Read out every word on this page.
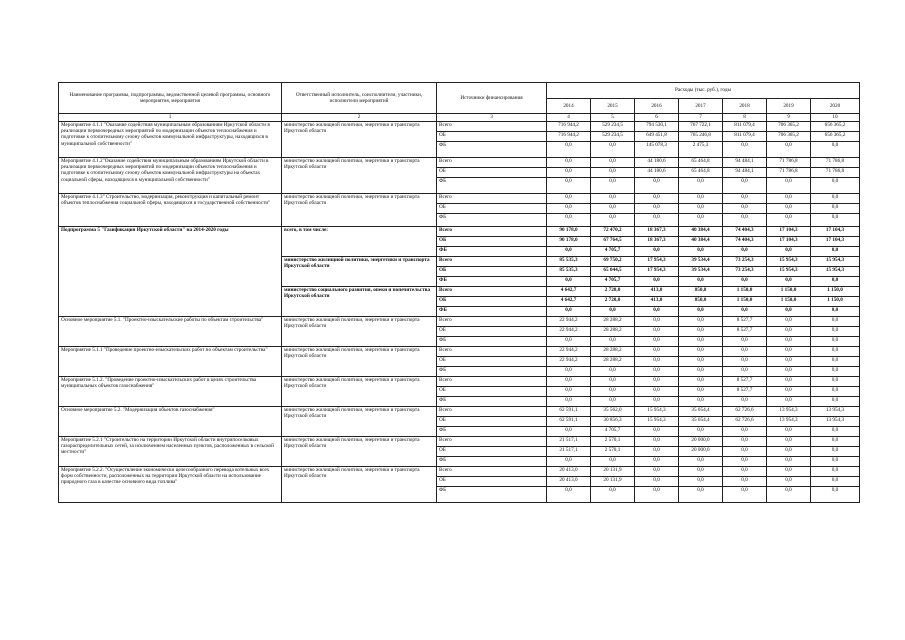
Наименование программы, подпрограммы, ведомственной целевой программы, основного мероприятия, мероприятия	Ответственный исполнитель, соисполнители, участники, исполнители мероприятий	Источники финансирования	Расходы (тыс. руб.), годы						
			2014	2015	2016	2017	2018	2019	2020
1	2	3	4	5	6	7	8	9	10
Мероприятие 4.1.1 "Оказание содействия муниципальным образованиям Иркутской области в реализации первоочередных мероприятий по модернизации объектов теплоснабжения и подготовке к отопительному сезону объектов коммунальной инфраструктуры, находящихся в муниципальной собственности"	министерство жилищной политики, энергетики и транспорта Иркутской области	Всего	716 944,2	529 234,5	794 530,1	767 722,1	811 079,4	706 365,2	656 365,2
		ОБ	716 944,2	529 234,5	649 451,8	765 246,8	811 079,4	706 365,2	656 365,2
		ФБ	0,0	0,0	145 078,3	2 475,3	0,0	0,0	0,0
Мероприятие 4.1.2"Оказание содействия муниципальным образованиям Иркутской области в реализации первоочередных мероприятий по модернизации объектов теплоснабжения и подготовке к отопительному сезону объектов коммунальной инфраструктуры на объектах социальной сферы, находящихся в муниципальной собственности"	министерство жилищной политики, энергетики и транспорта Иркутской области	Всего	0,0	0,0	44 180,6	65 464,8	94 484,1	71 786,8	71 786,8
		ОБ	0,0	0,0	44 180,6	65 464,8	94 484,1	71 786,8	71 786,8
		ФБ	0,0	0,0	0,0	0,0	0,0	0,0	0,0
Мероприятие 4.1.3" Строительство, модернизация, реконструкция и капитальный ремонт объектов теплоснабжения социальной сферы, находящихся в государственной собственности"	министерство жилищной политики, энергетики и транспорта Иркутской области	Всего	0,0	0,0	0,0	0,0	0,0	0,0	0,0
		ОБ	0,0	0,0	0,0	0,0	0,0	0,0	0,0
		ФБ	0,0	0,0	0,0	0,0	0,0	0,0	0,0
Подпрограмма 5 "Газификация Иркутской области" на 2014-2020 годы	всего, в том числе:	Всего	90 178,0	72 470,2	18 367,3	40 384,4	74 404,3	17 104,3	17 104,3
		ОБ	90 178,0	67 764,5	18 367,3	40 384,4	74 404,3	17 104,3	17 104,3
		ФБ	0,0	4 705,7	0,0	0,0	0,0	0,0	0,0
	министерство жилищной политики, энергетики и транспорта Иркутской области	Всего	85 535,3	69 750,2	17 954,3	39 534,4	73 254,3	15 954,3	15 954,3
		ОБ	85 535,3	65 044,5	17 954,3	39 534,4	73 254,3	15 954,3	15 954,3
		ФБ	0,0	4 705,7	0,0	0,0	0,0	0,0	0,0
	министерство социального развития, опеки и попечительства Иркутской области	Всего	4 642,7	2 720,0	413,0	850,0	1 150,0	1 150,0	1 150,0
		ОБ	4 642,7	2 720,0	413,0	850,0	1 150,0	1 150,0	1 150,0
		ФБ	0,0	0,0	0,0	0,0	0,0	0,0	0,0
Основное мероприятие 5.1. "Проектно-изыскательские работы по объектам строительства"	министерство жилищной политики, энергетики и транспорта Иркутской области	Всего	22 944,2	28 288,2	0,0	0,0	8 527,7	0,0	0,0
		ОБ	22 944,2	28 288,2	0,0	0,0	8 527,7	0,0	0,0
		ФБ	0,0	0,0	0,0	0,0	0,0	0,0	0,0
Мероприятие 5.1.1 "Проведение проектно-изыскательских работ по объектам строительства"	министерство жилищной политики, энергетики и транспорта Иркутской области	Всего	22 944,2	28 288,2	0,0	0,0	0,0	0,0	0,0
		ОБ	22 944,2	28 288,2	0,0	0,0	0,0	0,0	0,0
		ФБ	0,0	0,0	0,0	0,0	0,0	0,0	0,0
Мероприятие 5.1.2. "Проведение проектно-изыскательских работ в целях строительства муниципальных объектов газоснабжения"	министерство жилищной политики, энергетики и транспорта Иркутской области	Всего	0,0	0,0	0,0	0,0	8 527,7	0,0	0,0
		ОБ	0,0	0,0	0,0	0,0	8 527,7	0,0	0,0
		ФБ	0,0	0,0	0,0	0,0	0,0	0,0	0,0
Основное мероприятие 5.2. "Модернизация объектов газоснабжения"	министерство жилищной политики, энергетики и транспорта Иркутской области	Всего	62 591,1	35 562,0	15 954,3	35 054,4	62 726,6	13 954,3	13 954,3
		ОБ	62 591,1	30 856,3	15 954,3	35 054,4	62 726,6	13 954,3	13 954,3
		ФБ	0,0	4 705,7	0,0	0,0	0,0	0,0	0,0
Мероприятие 5.2.1 "Строительство на территории Иркутской области внутрипоселковых газораспределительных сетей, за исключением населенных пунктов, расположенных в сельской местности"	министерство жилищной политики, энергетики и транспорта Иркутской области	Всего	21 517,1	2 570,1	0,0	20 000,0	0,0	0,0	0,0
		ОБ	21 517,1	2 570,1	0,0	20 000,0	0,0	0,0	0,0
		ФБ	0,0	0,0	0,0	0,0	0,0	0,0	0,0
Мероприятие 5.2.2. "Осуществление экономически целесообразного перевода котельных всех форм собственности, расположенных на территории Иркутской области на использование природного газа в качестве основного вида топлива"	министерство жилищной политики, энергетики и транспорта Иркутской области	Всего	20 413,0	20 131,9	0,0	0,0	0,0	0,0	0,0
		ОБ	20 413,0	20 131,9	0,0	0,0	0,0	0,0	0,0
		ФБ	0,0	0,0	0,0	0,0	0,0	0,0	0,0
